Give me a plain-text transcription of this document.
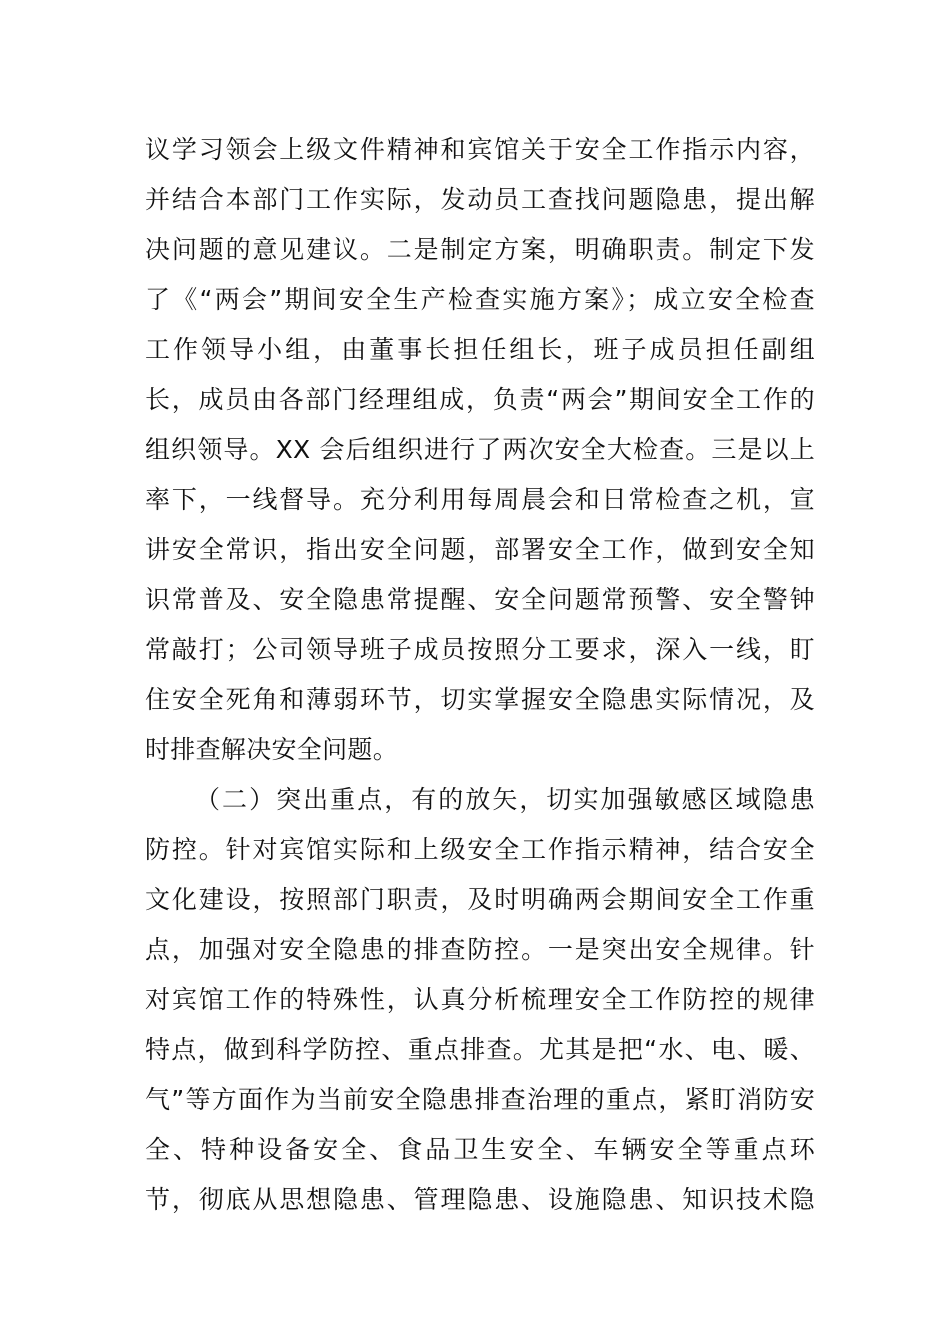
议学习领会上级文件精神和宾馆关于安全工作指示内容，
并结合本部门工作实际，发动员工查找问题隐患，提出解
决问题的意见建议。二是制定方案，明确职责。制定下发
了《“两会”期间安全生产检查实施方案》；成立安全检查
工作领导小组，由董事长担任组长，班子成员担任副组
长，成员由各部门经理组成，负责“两会”期间安全工作的
组织领导。XX 会后组织进行了两次安全大检查。三是以上
率下，一线督导。充分利用每周晨会和日常检查之机，宣
讲安全常识，指出安全问题，部署安全工作，做到安全知
识常普及、安全隐患常提醒、安全问题常预警、安全警钟
常敲打；公司领导班子成员按照分工要求，深入一线，盯
住安全死角和薄弱环节，切实掌握安全隐患实际情况，及
时排查解决安全问题。
（二）突出重点，有的放矢，切实加强敏感区域隐患
防控。针对宾馆实际和上级安全工作指示精神，结合安全
文化建设，按照部门职责，及时明确两会期间安全工作重
点，加强对安全隐患的排查防控。一是突出安全规律。针
对宾馆工作的特殊性，认真分析梳理安全工作防控的规律
特点，做到科学防控、重点排查。尤其是把“水、电、暖、
气”等方面作为当前安全隐患排查治理的重点，紧盯消防安
全、特种设备安全、食品卫生安全、车辆安全等重点环
节，彻底从思想隐患、管理隐患、设施隐患、知识技术隐
